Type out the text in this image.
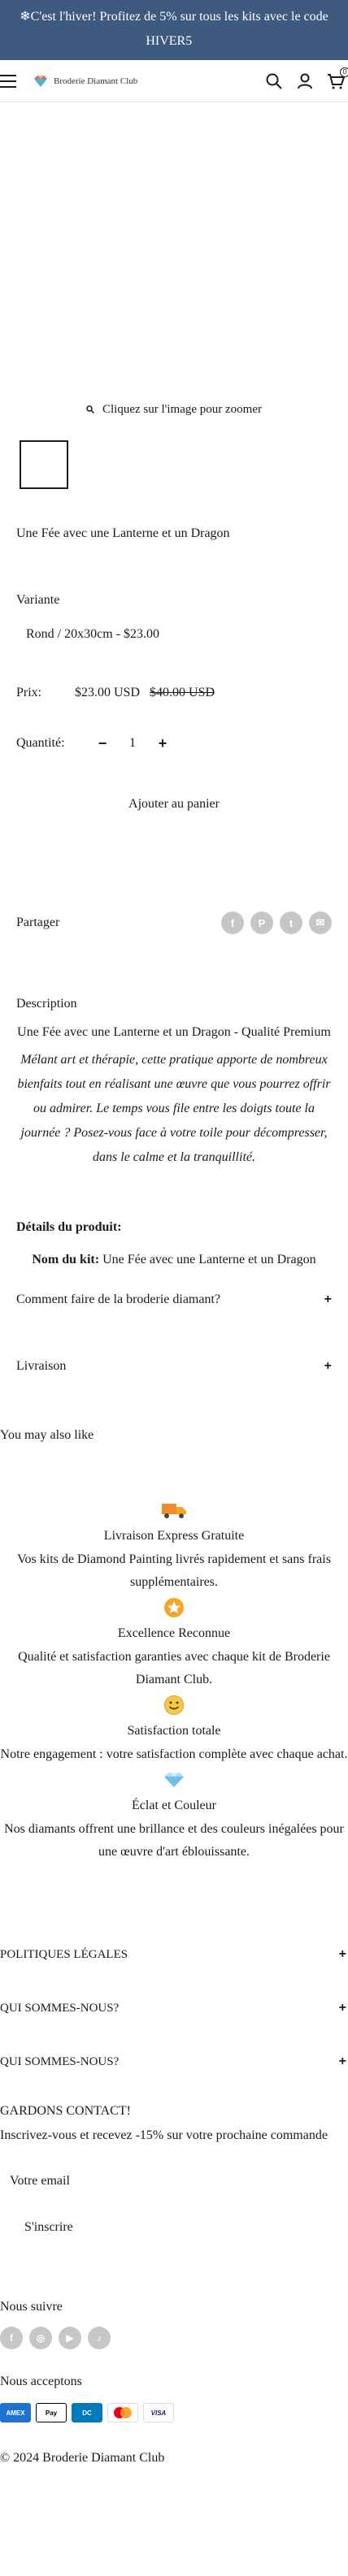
❄C'est l'hiver! Profitez de 5% sur tous les kits avec le code HIVER5⃣
Broderie Diamant Club
0
Cliquez sur l'image pour zoomer
Une Fée avec une Lanterne et un Dragon
Variante
Rond / 20x30cm - $23.00
Prix:	$23.00 USD $40.00 USD
Quantité:	−	1	+
Ajouter au panier
Partager	f	P	t	✉
Description
Une Fée avec une Lanterne et un Dragon - Qualité Premium
Mélant art et thérapie, cette pratique apporte de nombreux bienfaits tout en réalisant une œuvre que vous pourrez offrir ou admirer. Le temps vous file entre les doigts toute la journée ? Posez-vous face à votre toile pour décompresser, dans le calme et la tranquillité.
Détails du produit:
Nom du kit: Une Fée avec une Lanterne et un Dragon
Comment faire de la broderie diamant?	+
Livraison	+
You may also like
Livraison Express Gratuite
Vos kits de Diamond Painting livrés rapidement et sans frais supplémentaires.
Excellence Reconnue
Qualité et satisfaction garanties avec chaque kit de Broderie Diamant Club.
Satisfaction totale
Notre engagement : votre satisfaction complète avec chaque achat.
Éclat et Couleur
Nos diamants offrent une brillance et des couleurs inégalées pour une œuvre d'art éblouissante.
POLITIQUES LÉGALES	+
QUI SOMMES-NOUS?	+
QUI SOMMES-NOUS?	+
GARDONS CONTACT!
Inscrivez-vous et recevez -15% sur votre prochaine commande
Votre email
S'inscrire
Nous suivre
f	◎	▶	♪
Nous acceptons
AMEX	Pay	DC	VISA
© 2024 Broderie Diamant Club
